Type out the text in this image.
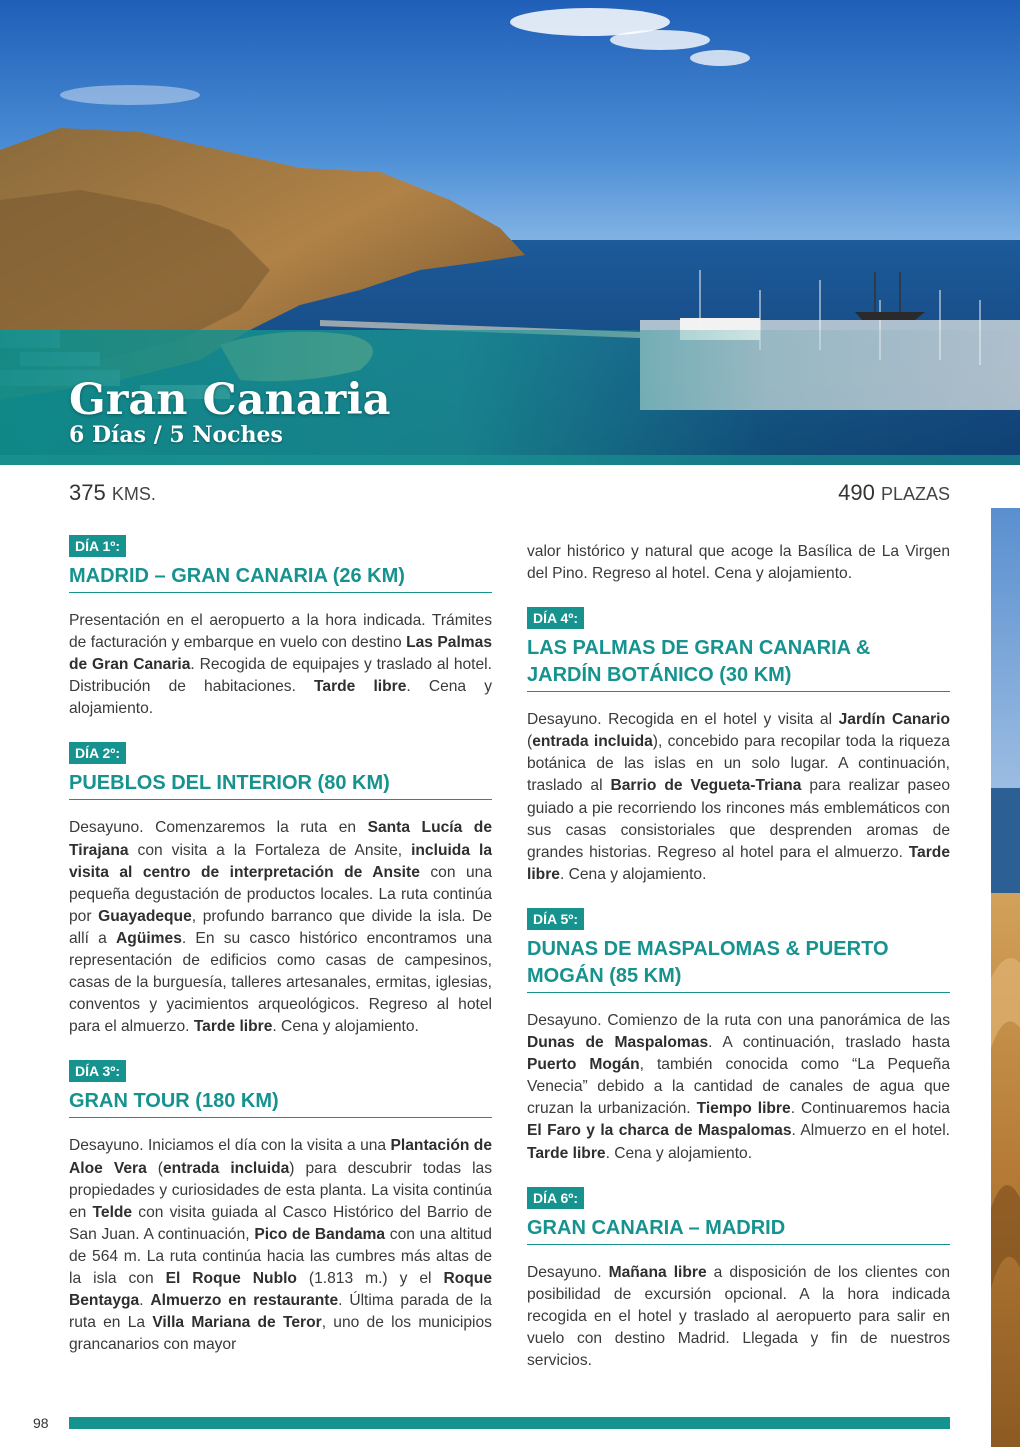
Gran Canaria
6 Días / 5 Noches
375 KMS.	490 PLAZAS
DÍA 1º:
MADRID – GRAN CANARIA (26 KM)

Presentación en el aeropuerto a la hora indicada. Trámites de facturación y embarque en vuelo con destino Las Palmas de Gran Canaria. Recogida de equipajes y traslado al hotel. Distribución de habitaciones. Tarde libre. Cena y alojamiento.

DÍA 2º:
PUEBLOS DEL INTERIOR (80 KM)

Desayuno. Comenzaremos la ruta en Santa Lucía de Tirajana con visita a la Fortaleza de Ansite, incluida la visita al centro de interpretación de Ansite con una pequeña degustación de productos locales. La ruta continúa por Guayadeque, profundo barranco que divide la isla. De allí a Agüimes. En su casco histórico encontramos una representación de edificios como casas de campesinos, casas de la burguesía, talleres artesanales, ermitas, iglesias, conventos y yacimientos arqueológicos. Regreso al hotel para el almuerzo. Tarde libre. Cena y alojamiento.

DÍA 3º:
GRAN TOUR (180 KM)

Desayuno. Iniciamos el día con la visita a una Plantación de Aloe Vera (entrada incluida) para descubrir todas las propiedades y curiosidades de esta planta. La visita continúa en Telde con visita guiada al Casco Histórico del Barrio de San Juan. A continuación, Pico de Bandama con una altitud de 564 m. La ruta continúa hacia las cumbres más altas de la isla con El Roque Nublo (1.813 m.) y el Roque Bentayga. Almuerzo en restaurante. Última parada de la ruta en La Villa Mariana de Teror, uno de los municipios grancanarios con mayor

valor histórico y natural que acoge la Basílica de La Virgen del Pino. Regreso al hotel. Cena y alojamiento.

DÍA 4º:
LAS PALMAS DE GRAN CANARIA & JARDÍN BOTÁNICO (30 KM)

Desayuno. Recogida en el hotel y visita al Jardín Canario (entrada incluida), concebido para recopilar toda la riqueza botánica de las islas en un solo lugar. A continuación, traslado al Barrio de Vegueta-Triana para realizar paseo guiado a pie recorriendo los rincones más emblemáticos con sus casas consistoriales que desprenden aromas de grandes historias. Regreso al hotel para el almuerzo. Tarde libre. Cena y alojamiento.

DÍA 5º:
DUNAS DE MASPALOMAS & PUERTO MOGÁN (85 KM)

Desayuno. Comienzo de la ruta con una panorámica de las Dunas de Maspalomas. A continuación, traslado hasta Puerto Mogán, también conocida como “La Pequeña Venecia” debido a la cantidad de canales de agua que cruzan la urbanización. Tiempo libre. Continuaremos hacia El Faro y la charca de Maspalomas. Almuerzo en el hotel. Tarde libre. Cena y alojamiento.

DÍA 6º:
GRAN CANARIA – MADRID

Desayuno. Mañana libre a disposición de los clientes con posibilidad de excursión opcional. A la hora indicada recogida en el hotel y traslado al aeropuerto para salir en vuelo con destino Madrid. Llegada y fin de nuestros servicios.

98
